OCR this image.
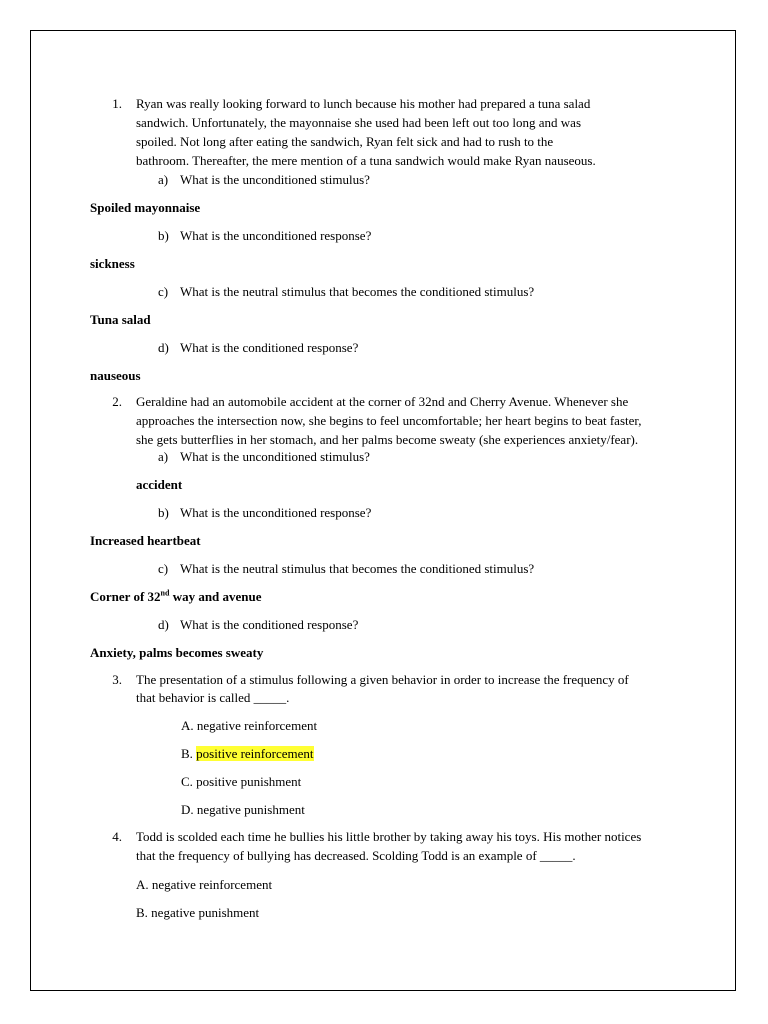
1. Ryan was really looking forward to lunch because his mother had prepared a tuna salad
sandwich. Unfortunately, the mayonnaise she used had been left out too long and was
spoiled. Not long after eating the sandwich, Ryan felt sick and had to rush to the
bathroom. Thereafter, the mere mention of a tuna sandwich would make Ryan nauseous.
a) What is the unconditioned stimulus?
Spoiled mayonnaise
b) What is the unconditioned response?
sickness
c) What is the neutral stimulus that becomes the conditioned stimulus?
Tuna salad
d) What is the conditioned response?
nauseous
2. Geraldine had an automobile accident at the corner of 32nd and Cherry Avenue. Whenever she
approaches the intersection now, she begins to feel uncomfortable; her heart begins to beat faster,
she gets butterflies in her stomach, and her palms become sweaty (she experiences anxiety/fear).
a) What is the unconditioned stimulus?
accident
b) What is the unconditioned response?
Increased heartbeat
c) What is the neutral stimulus that becomes the conditioned stimulus?
Corner of 32nd way and avenue
d) What is the conditioned response?
Anxiety, palms becomes sweaty
3. The presentation of a stimulus following a given behavior in order to increase the frequency of
that behavior is called _____.
A. negative reinforcement
B. positive reinforcement
C. positive punishment
D. negative punishment
4. Todd is scolded each time he bullies his little brother by taking away his toys. His mother notices
that the frequency of bullying has decreased. Scolding Todd is an example of _____.
A. negative reinforcement
B. negative punishment
